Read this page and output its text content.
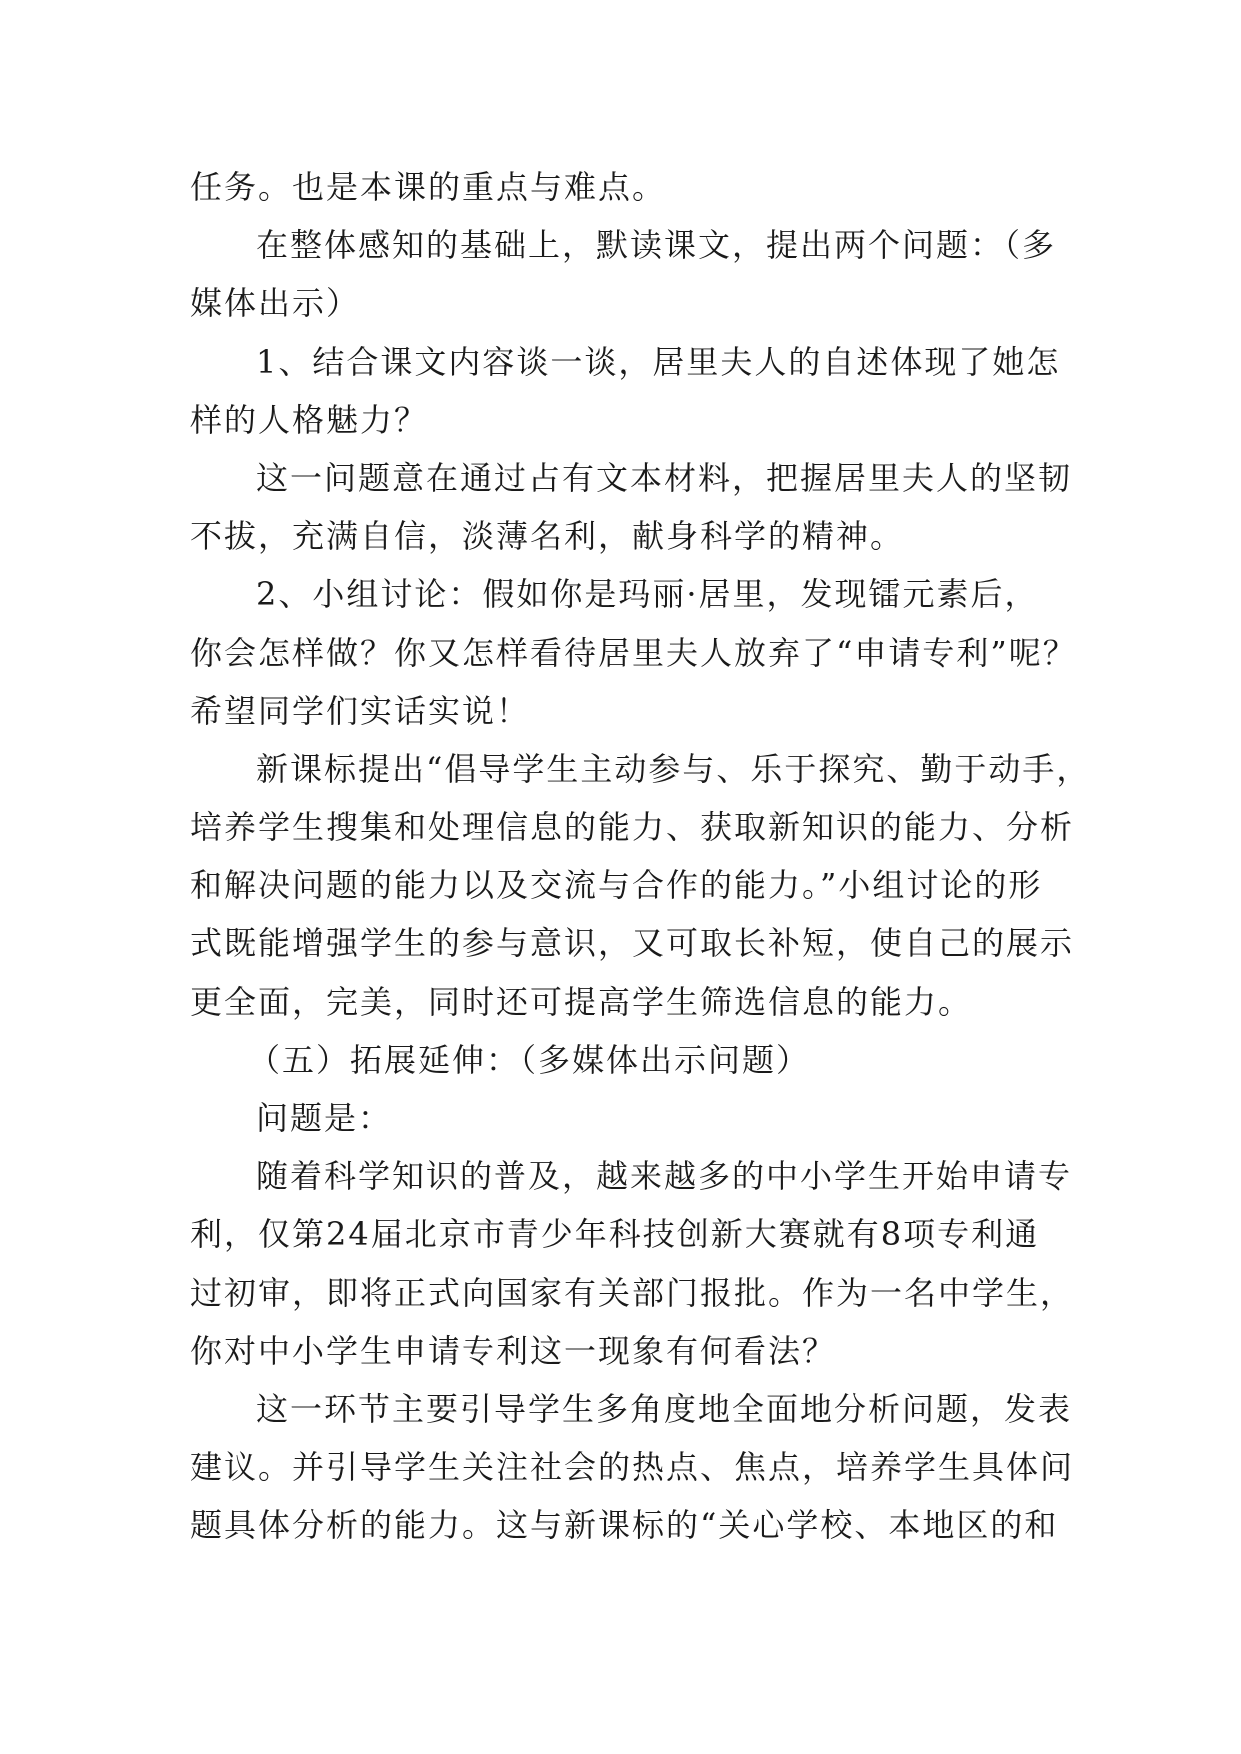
任务。也是本课的重点与难点。
在整体感知的基础上，默读课文，提出两个问题：（多
媒体出示）
1、结合课文内容谈一谈，居里夫人的自述体现了她怎
样的人格魅力？
这一问题意在通过占有文本材料，把握居里夫人的坚韧
不拔，充满自信，淡薄名利，献身科学的精神。
2、小组讨论：假如你是玛丽·居里，发现镭元素后，
你会怎样做？你又怎样看待居里夫人放弃了“申请专利”呢？
希望同学们实话实说！
新课标提出“倡导学生主动参与、乐于探究、勤于动手，
培养学生搜集和处理信息的能力、获取新知识的能力、分析
和解决问题的能力以及交流与合作的能力。”小组讨论的形
式既能增强学生的参与意识，又可取长补短，使自己的展示
更全面，完美，同时还可提高学生筛选信息的能力。
（五）拓展延伸：（多媒体出示问题）
问题是：
随着科学知识的普及，越来越多的中小学生开始申请专
利，仅第24届北京市青少年科技创新大赛就有8项专利通
过初审，即将正式向国家有关部门报批。作为一名中学生，
你对中小学生申请专利这一现象有何看法？
这一环节主要引导学生多角度地全面地分析问题，发表
建议。并引导学生关注社会的热点、焦点，培养学生具体问
题具体分析的能力。这与新课标的“关心学校、本地区的和
